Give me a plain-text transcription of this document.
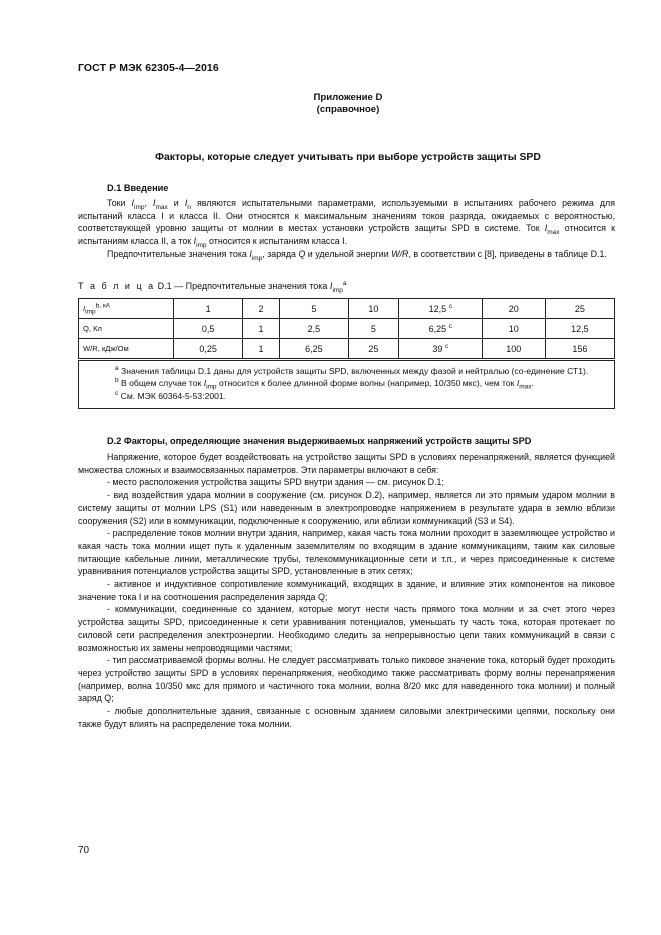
ГОСТ Р МЭК 62305-4—2016
Приложение D
(справочное)
Факторы, которые следует учитывать при выборе устройств защиты SPD
D.1 Введение

Токи $I_{imp}$, $I_{max}$ и $I_n$ являются испытательными параметрами, используемыми в испытаниях рабочего режима для испытаний класса I и класса II. Они относятся к максимальным значениям токов разряда, ожидаемых с вероятностью, соответствующей уровню защиты от молнии в местах установки устройств защиты SPD в системе. Ток $I_{max}$ относится к испытаниям класса II, а ток $I_{imp}$ относится к испытаниям класса I.

Предпочтительные значения тока $I_{imp}$, заряда Q и удельной энергии W/R, в соответствии с [8], приведены в таблице D.1.

Т а б л и ц а D.1 — Предпочтительные значения тока $I_{imp}^a$
$I_{imp}^{b, кА}$	1	2	5	10	12,5 $^c$	20	25
Q, Кл	0,5	1	2,5	5	6,25 $^c$	10	12,5
W/R, кДж/Ом	0,25	1	6,25	25	39 $^c$	100	156

$^a$ Значения таблицы D.1 даны для устройств защиты SPD, включенных между фазой и нейтралью (со-единение СТ1).
$^b$ В общем случае ток $I_{imp}$ относится к более длинной форме волны (например, 10/350 мкс), чем ток $I_{max}$.
$^c$ См. МЭК 60364-5-53:2001.							
D.2 Факторы, определяющие значения выдерживаемых напряжений устройств защиты SPD

Напряжение, которое будет воздействовать на устройство защиты SPD в условиях перенапряжений, является функцией множества сложных и взаимосвязанных параметров. Эти параметры включают в себя:

- место расположения устройства защиты SPD внутри здания — см. рисунок D.1;

- вид воздействия удара молнии в сооружение (см. рисунок D.2), например, является ли это прямым ударом молнии в систему защиты от молнии LPS (S1) или наведенным в электропроводке напряжением в результате удара в землю вблизи сооружения (S2) или в коммуникации, подключенные к сооружению, или вблизи коммуникаций (S3 и S4).

- распределение токов молнии внутри здания, например, какая часть тока молнии проходит в заземляющее устройство и какая часть тока молнии ищет путь к удаленным заземлителям по входящим в здание коммуникациям, таким как силовые питающие кабельные линии, металлические трубы, телекоммуникационные сети и т.п., и через присоединенные к системе уравнивания потенциалов устройства защиты SPD, установленные в этих сетях;

- активное и индуктивное сопротивление коммуникаций, входящих в здание, и влияние этих компонентов на пиковое значение тока I и на соотношения распределения заряда Q;

- коммуникации, соединенные со зданием, которые могут нести часть прямого тока молнии и за счет этого через устройства защиты SPD, присоединенные к сети уравнивания потенциалов, уменьшать ту часть тока, которая протекает по силовой сети распределения электроэнергии. Необходимо следить за непрерывностью цепи таких коммуникаций в связи с возможностью их замены непроводящими частями;

- тип рассматриваемой формы волны. Не следует рассматривать только пиковое значение тока, который будет проходить через устройство защиты SPD в условиях перенапряжения, необходимо также рассматривать форму волны перенапряжения (например, волна 10/350 мкс для прямого и частичного тока молнии, волна 8/20 мкс для наведенного тока молнии) и полный заряд Q;

- любые дополнительные здания, связанные с основным зданием силовыми электрическими цепями, поскольку они также будут влиять на распределение тока молнии.

70
